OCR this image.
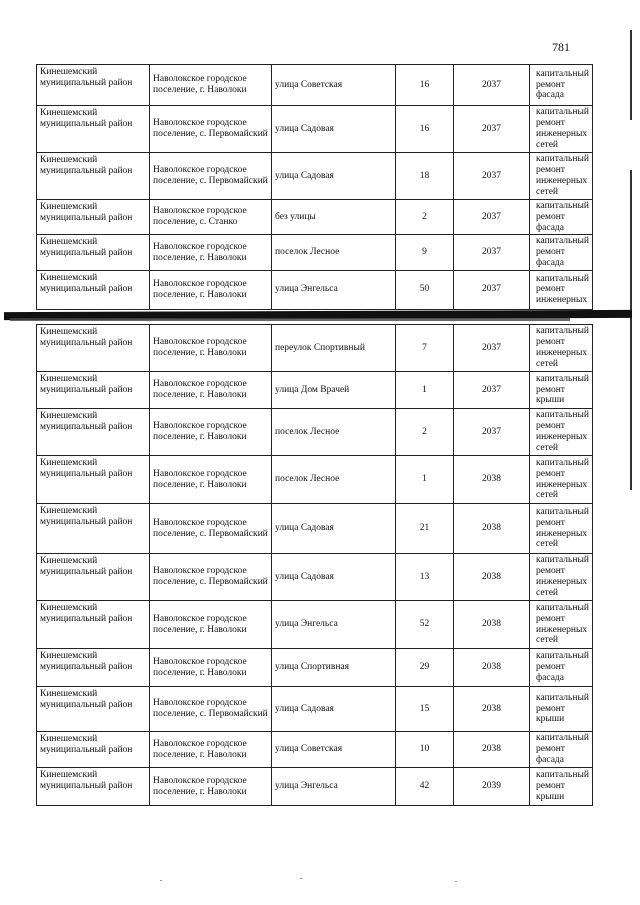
781
Кинешемский муниципальный район	Наволокское городское поселение, г. Наволоки	улица Советская	16	2037	капитальный ремонт фасада
Кинешемский муниципальный район	Наволокское городское поселение, с. Первомайский	улица Садовая	16	2037	капитальный ремонт инженерных сетей
Кинешемский муниципальный район	Наволокское городское поселение, с. Первомайский	улица Садовая	18	2037	капитальный ремонт инженерных сетей
Кинешемский муниципальный район	Наволокское городское поселение, с. Станко	без улицы	2	2037	капитальный ремонт фасада
Кинешемский муниципальный район	Наволокское городское поселение, г. Наволоки	поселок Лесное	9	2037	капитальный ремонт фасада
Кинешемский муниципальный район	Наволокское городское поселение, г. Наволоки	улица Энгельса	50	2037	капитальный ремонт инженерных
Кинешемский муниципальный район	Наволокское городское поселение, г. Наволоки	переулок Спортивный	7	2037	капитальный ремонт инженерных сетей
Кинешемский муниципальный район	Наволокское городское поселение, г. Наволоки	улица Дом Врачей	1	2037	капитальный ремонт крыши
Кинешемский муниципальный район	Наволокское городское поселение, г. Наволоки	поселок Лесное	2	2037	капитальный ремонт инженерных сетей
Кинешемский муниципальный район	Наволокское городское поселение, г. Наволоки	поселок Лесное	1	2038	капитальный ремонт инженерных сетей
Кинешемский муниципальный район	Наволокское городское поселение, с. Первомайский	улица Садовая	21	2038	капитальный ремонт инженерных сетей
Кинешемский муниципальный район	Наволокское городское поселение, с. Первомайский	улица Садовая	13	2038	капитальный ремонт инженерных сетей
Кинешемский муниципальный район	Наволокское городское поселение, г. Наволоки	улица Энгельса	52	2038	капитальный ремонт инженерных сетей
Кинешемский муниципальный район	Наволокское городское поселение, г. Наволоки	улица Спортивная	29	2038	капитальный ремонт фасада
Кинешемский муниципальный район	Наволокское городское поселение, с. Первомайский	улица Садовая	15	2038	капитальный ремонт крыши
Кинешемский муниципальный район	Наволокское городское поселение, г. Наволоки	улица Советская	10	2038	капитальный ремонт фасада
Кинешемский муниципальный район	Наволокское городское поселение, г. Наволоки	улица Энгельса	42	2039	капитальный ремонт крыши
